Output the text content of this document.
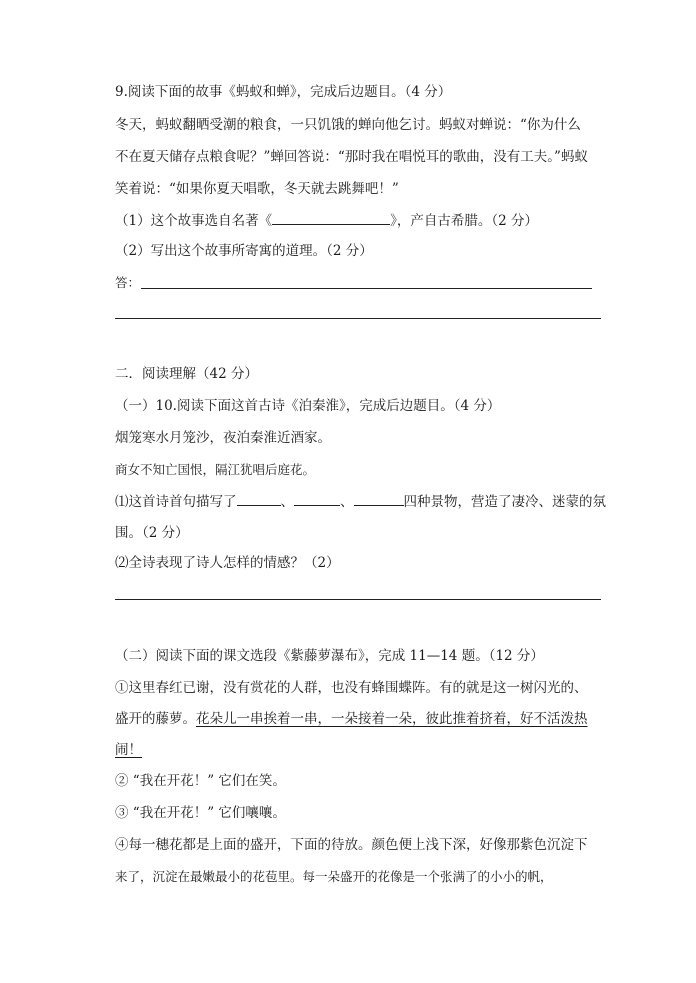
9.阅读下面的故事《蚂蚁和蝉》，完成后边题目。（4 分）
冬天，蚂蚁翻晒受潮的粮食，一只饥饿的蝉向他乞讨。蚂蚁对蝉说：“你为什么
不在夏天储存点粮食呢？”蝉回答说：“那时我在唱悦耳的歌曲，没有工夫。”蚂蚁
笑着说：“如果你夏天唱歌，冬天就去跳舞吧！”
（1）这个故事选自名著《	》，产自古希腊。（2 分）
（2）写出这个故事所寄寓的道理。（2 分）
答：
二．阅读理解（42 分）
（一）10.阅读下面这首古诗《泊秦淮》，完成后边题目。（4 分）
烟笼寒水月笼沙，夜泊秦淮近酒家。
商女不知亡国恨，隔江犹唱后庭花。
⑴这首诗首句描写了	、	、	四种景物，营造了凄冷、迷蒙的氛
围。（2 分）
⑵全诗表现了诗人怎样的情感？（2）
（二）阅读下面的课文选段《紫藤萝瀑布》，完成 11—14 题。（12 分）
①这里春红已谢，没有赏花的人群，也没有蜂围蝶阵。有的就是这一树闪光的、
盛开的藤萝。花朵儿一串挨着一串，一朵接着一朵，彼此推着挤着，好不活泼热
闹！
② “我在开花！” 它们在笑。
③ “我在开花！” 它们嚷嚷。
④每一穗花都是上面的盛开，下面的待放。颜色便上浅下深，好像那紫色沉淀下
来了，沉淀在最嫩最小的花苞里。每一朵盛开的花像是一个张满了的小小的帆，
